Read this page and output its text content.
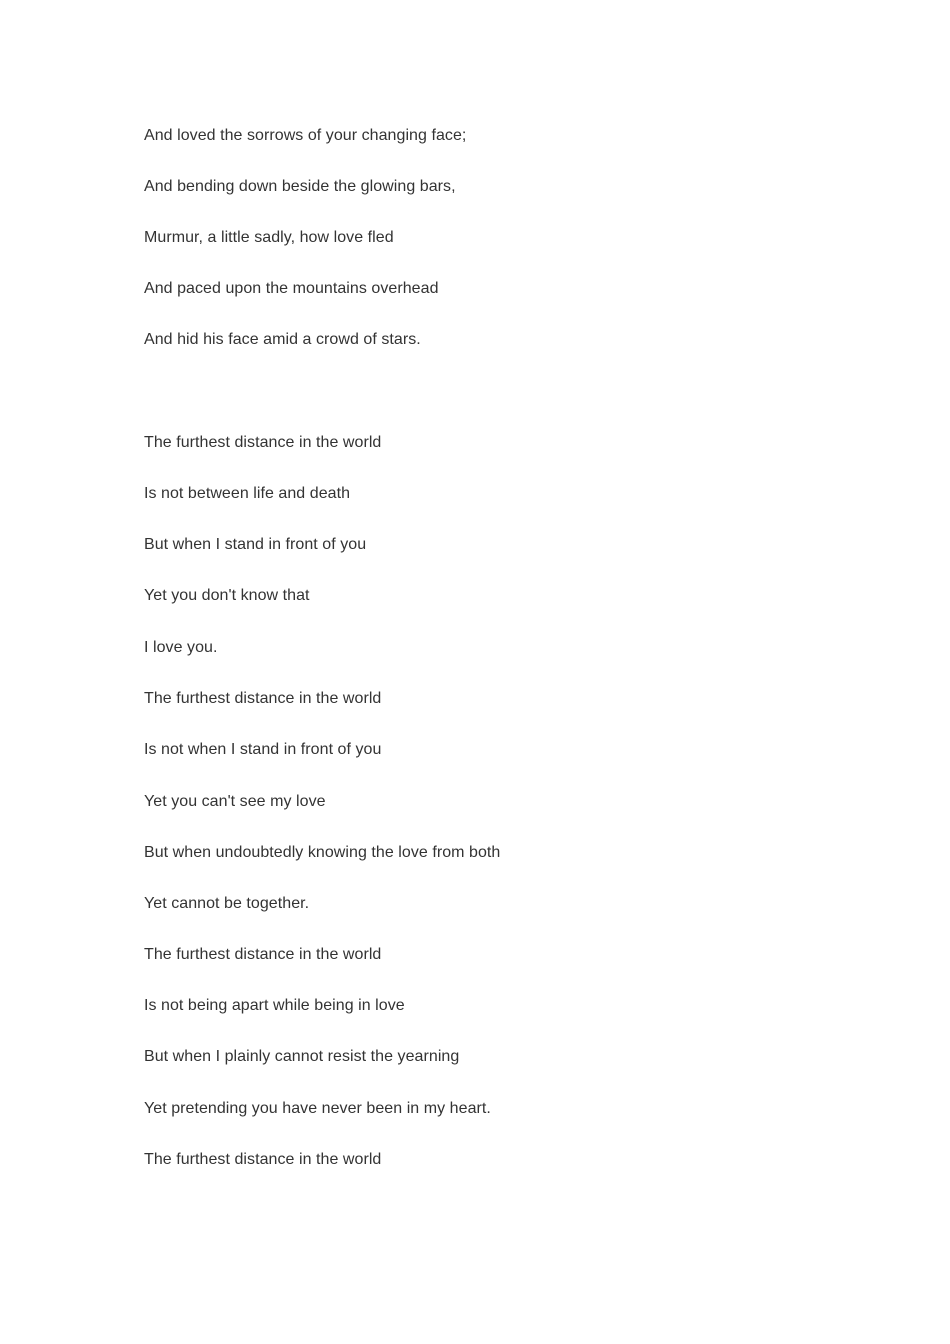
And loved the sorrows of your changing face;
And bending down beside the glowing bars,
Murmur, a little sadly, how love fled
And paced upon the mountains overhead
And hid his face amid a crowd of stars.
The furthest distance in the world
Is not between life and death
But when I stand in front of you
Yet you don't know that
I love you.
The furthest distance in the world
Is not when I stand in front of you
Yet you can't see my love
But when undoubtedly knowing the love from both
Yet cannot be together.
The furthest distance in the world
Is not being apart while being in love
But when I plainly cannot resist the yearning
Yet pretending you have never been in my heart.
The furthest distance in the world
